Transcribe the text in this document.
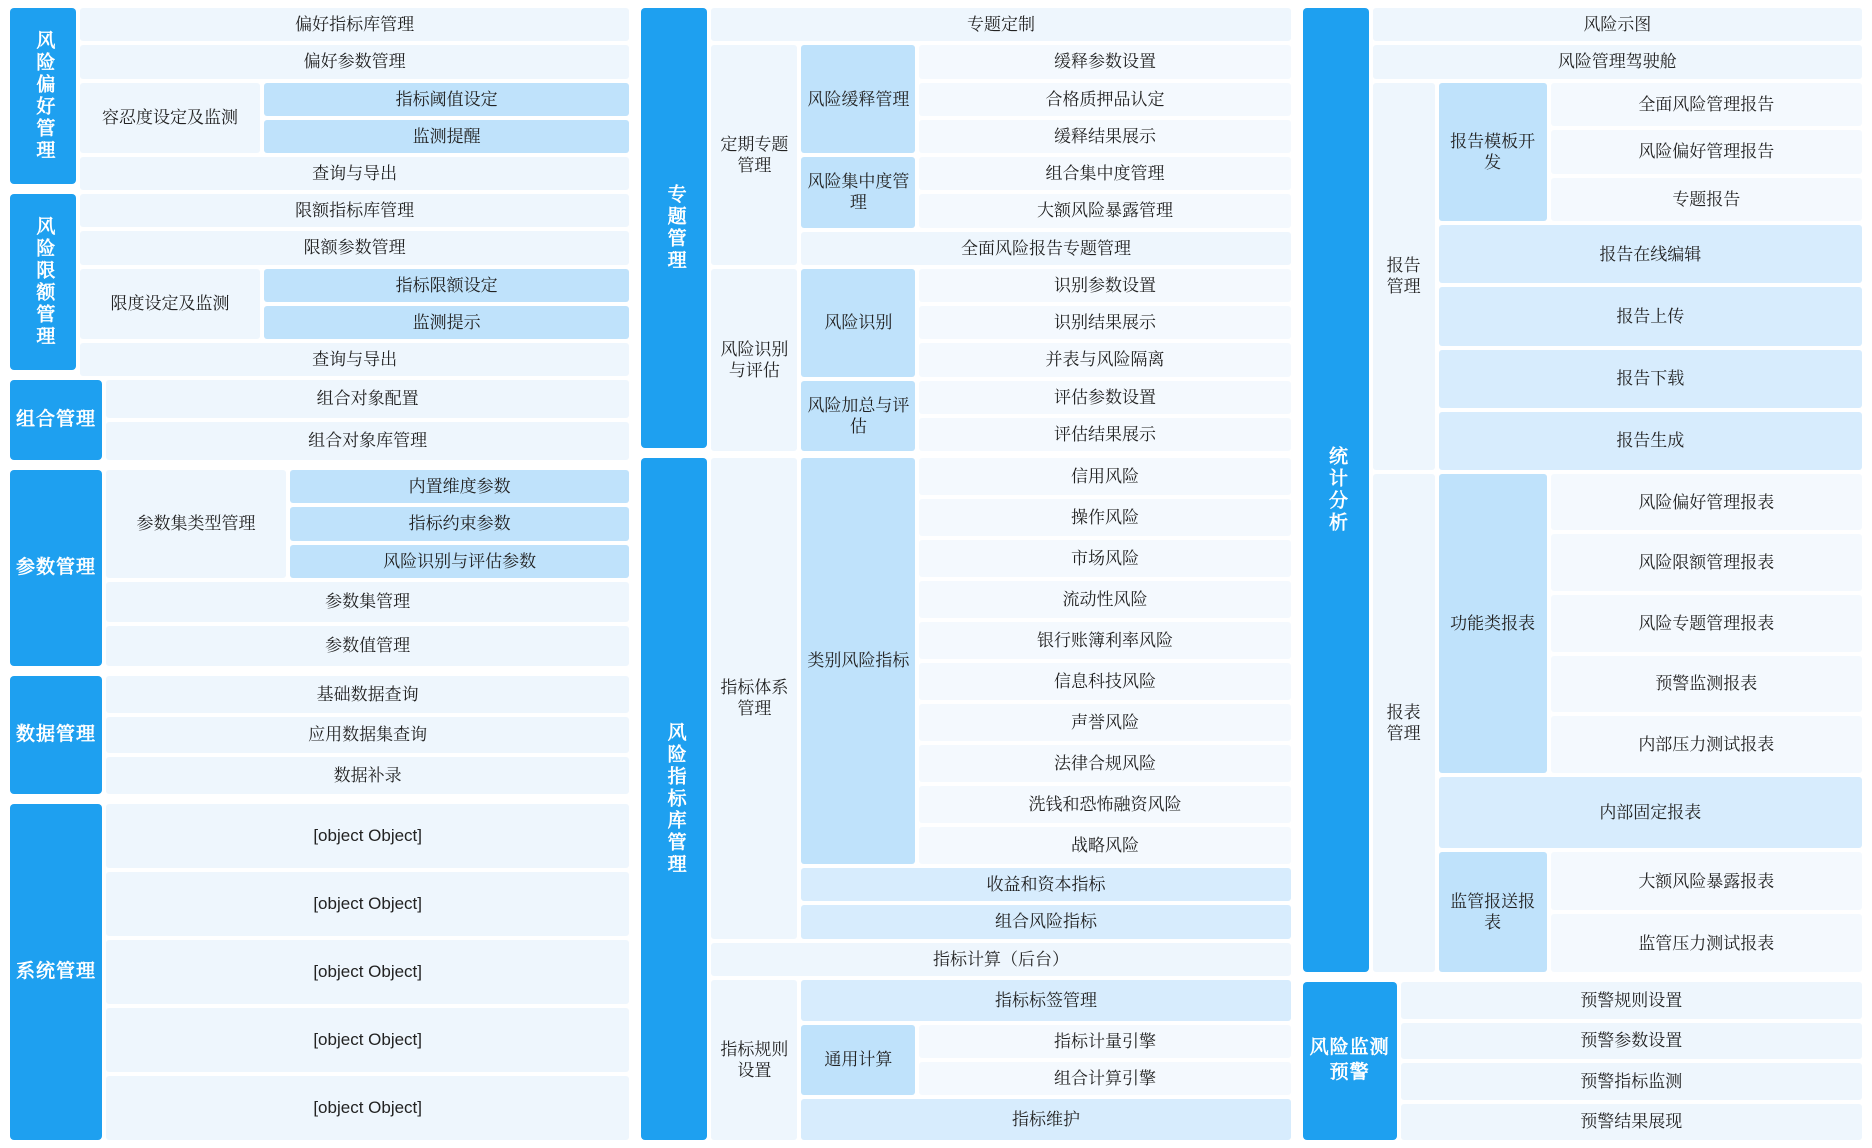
风险偏好管理
偏好指标库管理
偏好参数管理
容忍度设定及监测
指标阈值设定
监测提醒
查询与导出
风险限额管理
限额指标库管理
限额参数管理
限度设定及监测
指标限额设定
监测提示
查询与导出
组合管理
组合对象配置
组合对象库管理
参数管理
参数集类型管理
内置维度参数
指标约束参数
风险识别与评估参数
参数集管理
参数值管理
数据管理
基础数据查询
应用数据集查询
数据补录
系统管理
[object Object]
[object Object]
[object Object]
[object Object]
[object Object]
专题管理
专题定制
定期专题管理
风险缓释管理
缓释参数设置
合格质押品认定
缓释结果展示
风险集中度管理
组合集中度管理
大额风险暴露管理
全面风险报告专题管理
风险识别与评估
风险识别
识别参数设置
识别结果展示
并表与风险隔离
风险加总与评估
评估参数设置
评估结果展示
风险指标库管理
指标体系管理
类别风险指标
信用风险
操作风险
市场风险
流动性风险
银行账簿利率风险
信息科技风险
声誉风险
法律合规风险
洗钱和恐怖融资风险
战略风险
收益和资本指标
组合风险指标
指标计算（后台）
指标规则设置
指标标签管理
通用计算
指标计量引擎
组合计算引擎
指标维护
统计分析
风险示图
风险管理驾驶舱
报告管理
报告模板开发
全面风险管理报告
风险偏好管理报告
专题报告
报告在线编辑
报告上传
报告下载
报告生成
报表管理
功能类报表
风险偏好管理报表
风险限额管理报表
风险专题管理报表
预警监测报表
内部压力测试报表
内部固定报表
监管报送报表
大额风险暴露报表
监管压力测试报表
风险监测预警
预警规则设置
预警参数设置
预警指标监测
预警结果展现
